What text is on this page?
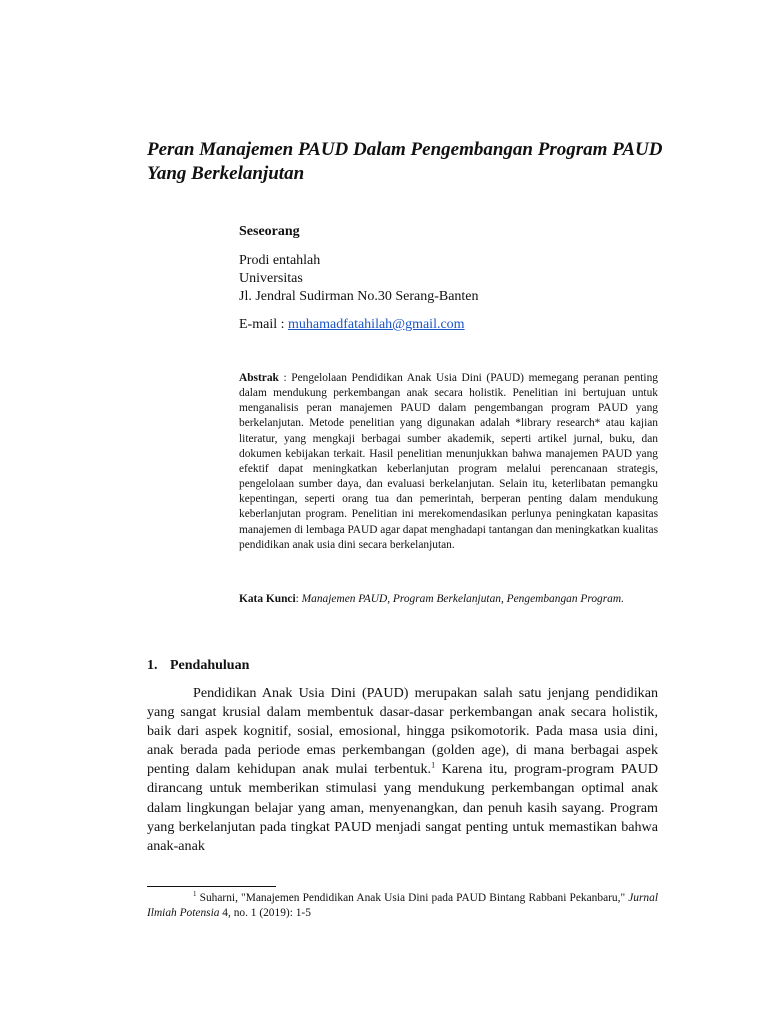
Peran Manajemen PAUD Dalam Pengembangan Program PAUD Yang Berkelanjutan

Seseorang

Prodi entahlah

Universitas

Jl. Jendral Sudirman No.30 Serang-Banten

E-mail : muhamadfatahilah@gmail.com

Abstrak : Pengelolaan Pendidikan Anak Usia Dini (PAUD) memegang peranan penting dalam mendukung perkembangan anak secara holistik. Penelitian ini bertujuan untuk menganalisis peran manajemen PAUD dalam pengembangan program PAUD yang berkelanjutan. Metode penelitian yang digunakan adalah *library research* atau kajian literatur, yang mengkaji berbagai sumber akademik, seperti artikel jurnal, buku, dan dokumen kebijakan terkait. Hasil penelitian menunjukkan bahwa manajemen PAUD yang efektif dapat meningkatkan keberlanjutan program melalui perencanaan strategis, pengelolaan sumber daya, dan evaluasi berkelanjutan. Selain itu, keterlibatan pemangku kepentingan, seperti orang tua dan pemerintah, berperan penting dalam mendukung keberlanjutan program. Penelitian ini merekomendasikan perlunya peningkatan kapasitas manajemen di lembaga PAUD agar dapat menghadapi tantangan dan meningkatkan kualitas pendidikan anak usia dini secara berkelanjutan.

Kata Kunci: Manajemen PAUD, Program Berkelanjutan, Pengembangan Program.

1. Pendahuluan

Pendidikan Anak Usia Dini (PAUD) merupakan salah satu jenjang pendidikan yang sangat krusial dalam membentuk dasar-dasar perkembangan anak secara holistik, baik dari aspek kognitif, sosial, emosional, hingga psikomotorik. Pada masa usia dini, anak berada pada periode emas perkembangan (golden age), di mana berbagai aspek penting dalam kehidupan anak mulai terbentuk.$^1$ Karena itu, program-program PAUD dirancang untuk memberikan stimulasi yang mendukung perkembangan optimal anak dalam lingkungan belajar yang aman, menyenangkan, dan penuh kasih sayang. Program yang berkelanjutan pada tingkat PAUD menjadi sangat penting untuk memastikan bahwa anak-anak

$^1$ Suharni, "Manajemen Pendidikan Anak Usia Dini pada PAUD Bintang Rabbani Pekanbaru," Jurnal Ilmiah Potensia 4, no. 1 (2019): 1-5
